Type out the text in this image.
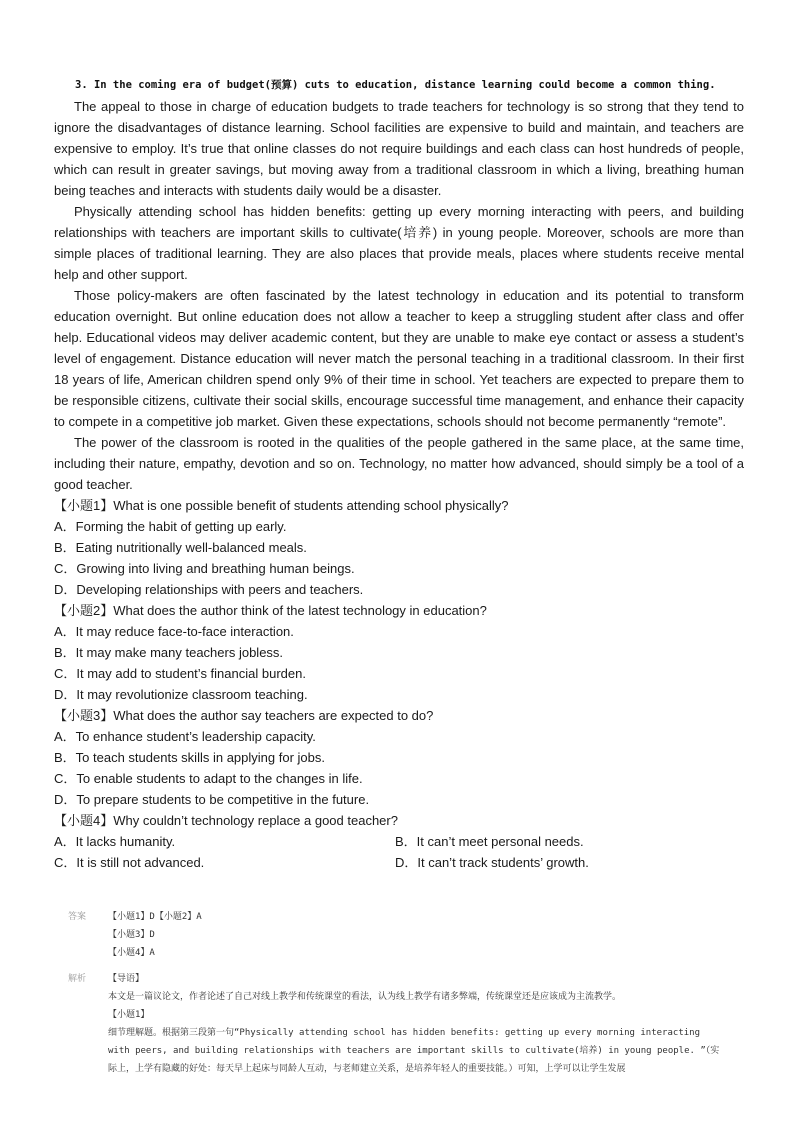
3. In the coming era of budget(预算) cuts to education, distance learning could become a common thing.

The appeal to those in charge of education budgets to trade teachers for technology is so strong that they tend to ignore the disadvantages of distance learning. School facilities are expensive to build and maintain, and teachers are expensive to employ. It’s true that online classes do not require buildings and each class can host hundreds of people, which can result in greater savings, but moving away from a traditional classroom in which a living, breathing human being teaches and interacts with students daily would be a disaster.

Physically attending school has hidden benefits: getting up every morning interacting with peers, and building relationships with teachers are important skills to cultivate(培养) in young people. Moreover, schools are more than simple places of traditional learning. They are also places that provide meals, places where students receive mental help and other support.

Those policy-makers are often fascinated by the latest technology in education and its potential to transform education overnight. But online education does not allow a teacher to keep a struggling student after class and offer help. Educational videos may deliver academic content, but they are unable to make eye contact or assess a student’s level of engagement. Distance education will never match the personal teaching in a traditional classroom. In their first 18 years of life, American children spend only 9% of their time in school. Yet teachers are expected to prepare them to be responsible citizens, cultivate their social skills, encourage successful time management, and enhance their capacity to compete in a competitive job market. Given these expectations, schools should not become permanently “remote”.

The power of the classroom is rooted in the qualities of the people gathered in the same place, at the same time, including their nature, empathy, devotion and so on. Technology, no matter how advanced, should simply be a tool of a good teacher.

【小题1】What is one possible benefit of students attending school physically?
A．Forming the habit of getting up early.
B．Eating nutritionally well-balanced meals.
C．Growing into living and breathing human beings.
D．Developing relationships with peers and teachers.
【小题2】What does the author think of the latest technology in education?
A．It may reduce face-to-face interaction.
B．It may make many teachers jobless.
C．It may add to student’s financial burden.
D．It may revolutionize classroom teaching.
【小题3】What does the author say teachers are expected to do?
A．To enhance student’s leadership capacity.
B．To teach students skills in applying for jobs.
C．To enable students to adapt to the changes in life.
D．To prepare students to be competitive in the future.
【小题4】Why couldn’t technology replace a good teacher?
A．It lacks humanity.	B．It can’t meet personal needs.
C．It is still not advanced.	D．It can’t track students’ growth.
答案 【小题1】D【小题2】A
【小题3】D
【小题4】A
解析 【导语】
本文是一篇议论文，作者论述了自己对线上教学和传统课堂的看法，认为线上教学有诸多弊端，传统课堂还是应该成为主流教学。
【小题1】
细节理解题。根据第三段第一句“Physically attending school has hidden benefits: getting up every morning interacting
with peers, and building relationships with teachers are important skills to cultivate(培养) in young people. ”（实
际上，上学有隐藏的好处：每天早上起床与同龄人互动，与老师建立关系，是培养年轻人的重要技能。）可知，上学可以让学生发展
